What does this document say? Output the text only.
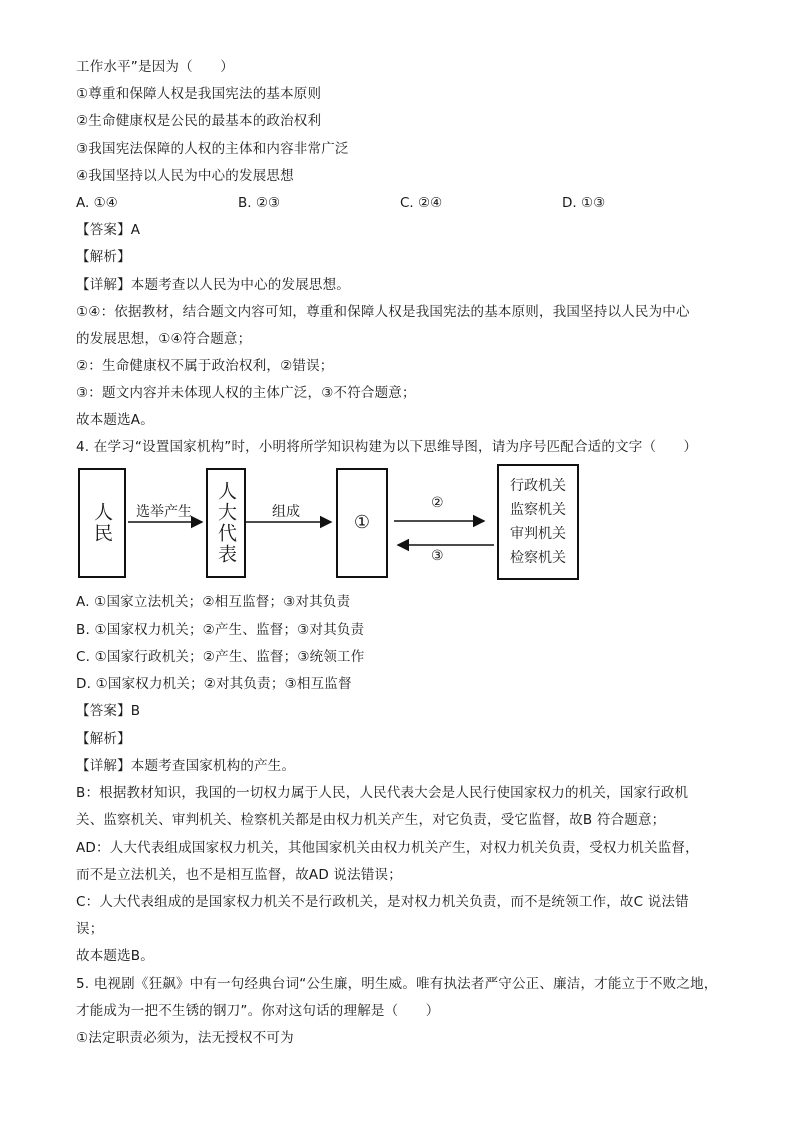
工作水平”是因为（　　）
①尊重和保障人权是我国宪法的基本原则
②生命健康权是公民的最基本的政治权利
③我国宪法保障的人权的主体和内容非常广泛
④我国坚持以人民为中心的发展思想
A. ①④	B. ②③	C. ②④	D. ①③
【答案】A
【解析】
【详解】本题考查以人民为中心的发展思想。
①④：依据教材，结合题文内容可知，尊重和保障人权是我国宪法的基本原则，我国坚持以人民为中心
的发展思想，①④符合题意；
②：生命健康权不属于政治权利，②错误；
③：题文内容并未体现人权的主体广泛，③不符合题意；
故本题选A。
4. 在学习“设置国家机构”时，小明将所学知识构建为以下思维导图，请为序号匹配合适的文字（　　）
人民 选举产生 人大代表	组成	①
②
③
行政机关
监察机关
审判机关
检察机关
A. ①国家立法机关；②相互监督；③对其负责
B. ①国家权力机关；②产生、监督；③对其负责
C. ①国家行政机关；②产生、监督；③统领工作
D. ①国家权力机关；②对其负责；③相互监督
【答案】B
【解析】
【详解】本题考查国家机构的产生。
B：根据教材知识，我国的一切权力属于人民，人民代表大会是人民行使国家权力的机关，国家行政机
关、监察机关、审判机关、检察机关都是由权力机关产生，对它负责，受它监督，故B 符合题意；
AD：人大代表组成国家权力机关，其他国家机关由权力机关产生，对权力机关负责，受权力机关监督，
而不是立法机关，也不是相互监督，故AD 说法错误；
C：人大代表组成的是国家权力机关不是行政机关，是对权力机关负责，而不是统领工作，故C 说法错
误；
故本题选B。
5. 电视剧《狂飙》中有一句经典台词“公生廉，明生威。唯有执法者严守公正、廉洁，才能立于不败之地，
才能成为一把不生锈的钢刀”。你对这句话的理解是（　　）
①法定职责必须为，法无授权不可为
